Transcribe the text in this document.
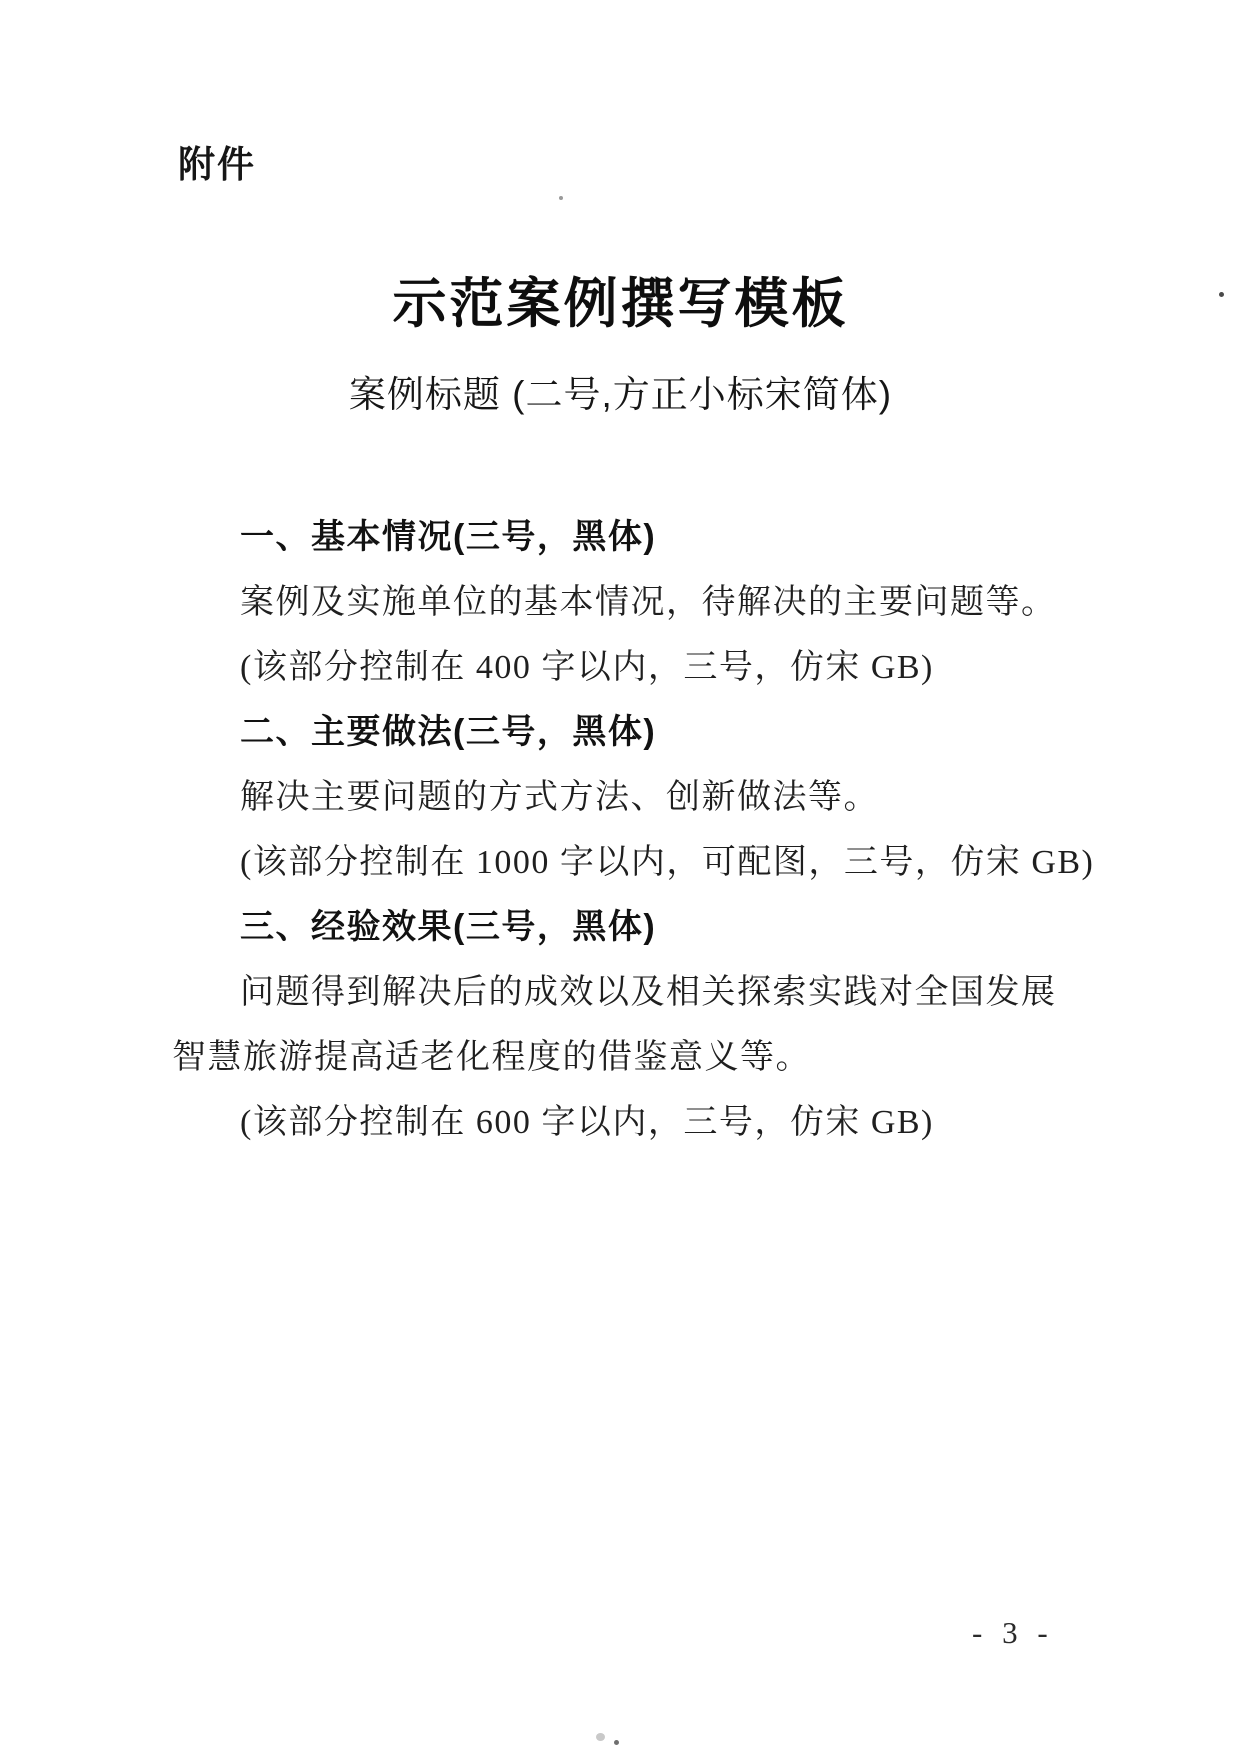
附件
示范案例撰写模板
案例标题 (二号,方正小标宋简体)
一、基本情况(三号，黑体)
案例及实施单位的基本情况，待解决的主要问题等。
(该部分控制在 400 字以内，三号，仿宋 GB)
二、主要做法(三号，黑体)
解决主要问题的方式方法、创新做法等。
(该部分控制在 1000 字以内，可配图，三号，仿宋 GB)
三、经验效果(三号，黑体)
问题得到解决后的成效以及相关探索实践对全国发展
智慧旅游提高适老化程度的借鉴意义等。
(该部分控制在 600 字以内，三号，仿宋 GB)
- 3 -
